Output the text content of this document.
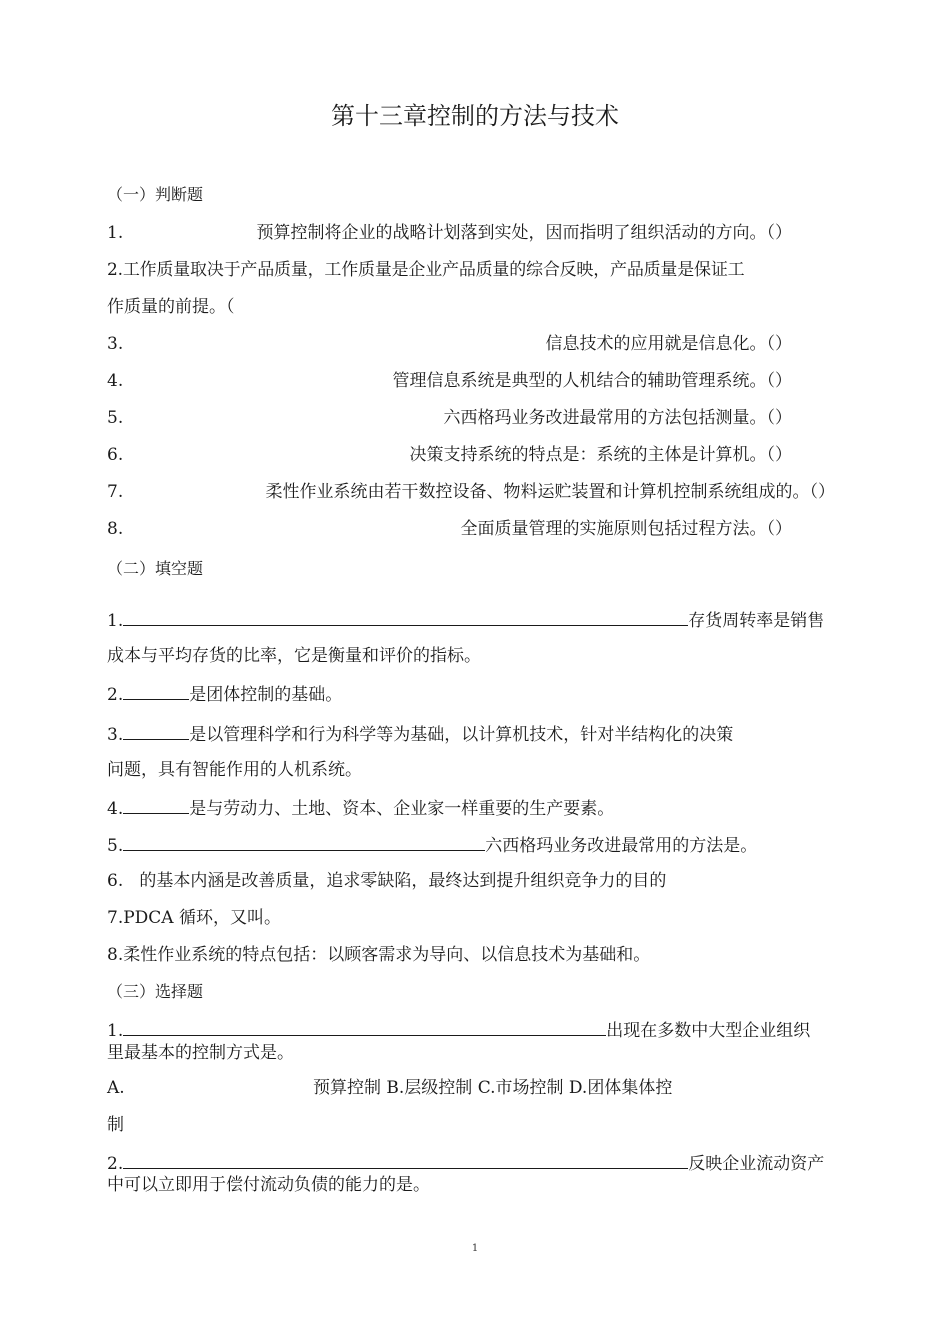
第十三章控制的方法与技术
（一）判断题
1.	预算控制将企业的战略计划落到实处，因而指明了组织活动的方向。（）
2.工作质量取决于产品质量，工作质量是企业产品质量的综合反映，产品质量是保证工
作质量的前提。（
3.	信息技术的应用就是信息化。（）
4.	管理信息系统是典型的人机结合的辅助管理系统。（）
5.	六西格玛业务改进最常用的方法包括测量。（）
6.	决策支持系统的特点是：系统的主体是计算机。（）
7.	柔性作业系统由若干数控设备、物料运贮装置和计算机控制系统组成的。（）
8.	全面质量管理的实施原则包括过程方法。（）
（二）填空题
1.	存货周转率是销售
成本与平均存货的比率，它是衡量和评价的指标。
2.	是团体控制的基础。
3.	是以管理科学和行为科学等为基础，以计算机技术，针对半结构化的决策
问题，具有智能作用的人机系统。
4.	是与劳动力、土地、资本、企业家一样重要的生产要素。
5.	六西格玛业务改进最常用的方法是。
6.   的基本内涵是改善质量，追求零缺陷，最终达到提升组织竞争力的目的
7.PDCA 循环，又叫。
8.柔性作业系统的特点包括：以顾客需求为导向、以信息技术为基础和。
（三）选择题
1.	出现在多数中大型企业组织
里最基本的控制方式是。
A.	预算控制 B.层级控制 C.市场控制 D.团体集体控
制
2.	反映企业流动资产
中可以立即用于偿付流动负债的能力的是。
1
